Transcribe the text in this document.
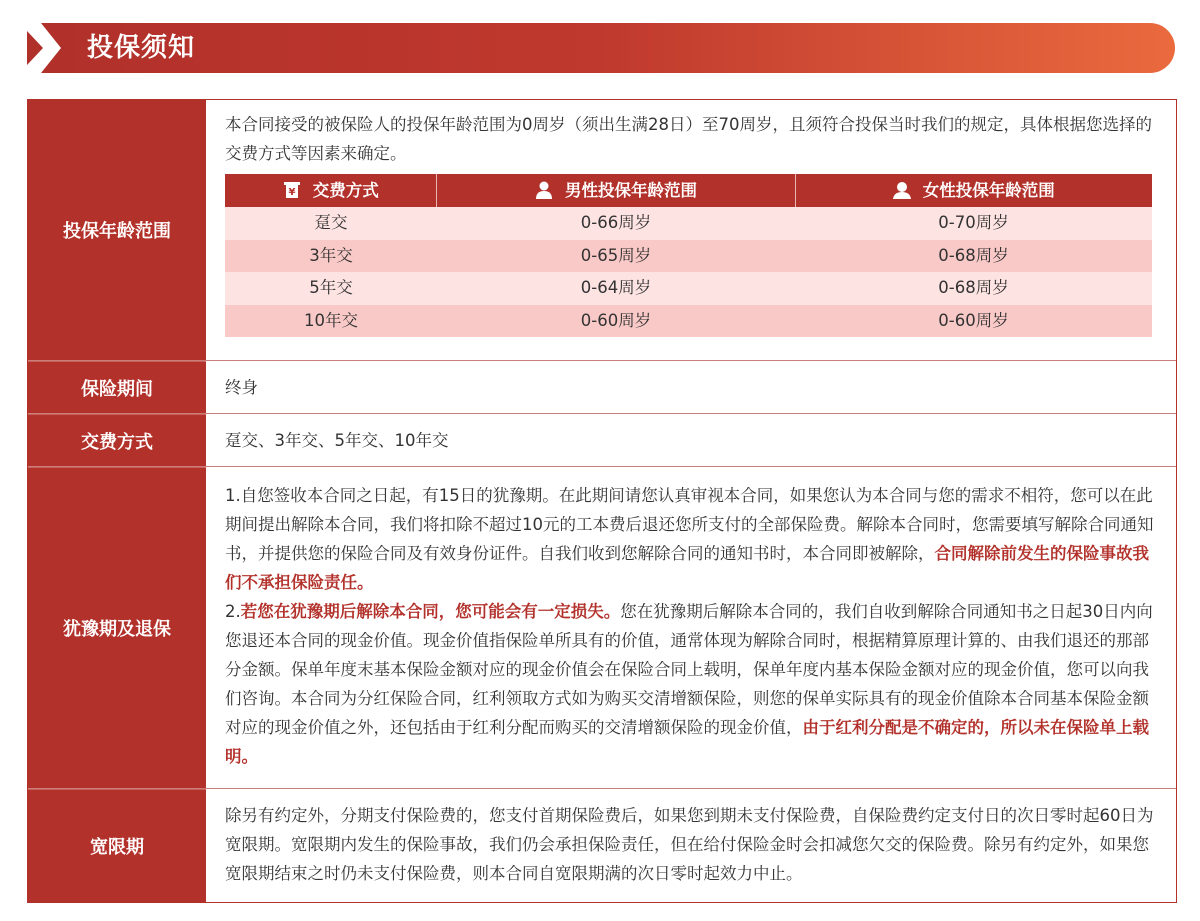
投保须知
投保年龄范围
本合同接受的被保险人的投保年龄范围为0周岁（须出生满28日）至70周岁，且须符合投保当时我们的规定，具体根据您选择的交费方式等因素来确定。
¥ 交费方式	男性投保年龄范围	女性投保年龄范围
趸交	0-66周岁	0-70周岁
3年交	0-65周岁	0-68周岁
5年交	0-64周岁	0-68周岁
10年交	0-60周岁	0-60周岁
保险期间	终身
交费方式	趸交、3年交、5年交、10年交
犹豫期及退保
1.自您签收本合同之日起，有15日的犹豫期。在此期间请您认真审视本合同，如果您认为本合同与您的需求不相符，您可以在此期间提出解除本合同，我们将扣除不超过10元的工本费后退还您所支付的全部保险费。解除本合同时，您需要填写解除合同通知书，并提供您的保险合同及有效身份证件。自我们收到您解除合同的通知书时，本合同即被解除，合同解除前发生的保险事故我们不承担保险责任。
2.若您在犹豫期后解除本合同，您可能会有一定损失。您在犹豫期后解除本合同的，我们自收到解除合同通知书之日起30日内向您退还本合同的现金价值。现金价值指保险单所具有的价值，通常体现为解除合同时，根据精算原理计算的、由我们退还的那部分金额。保单年度末基本保险金额对应的现金价值会在保险合同上载明，保单年度内基本保险金额对应的现金价值，您可以向我们咨询。本合同为分红保险合同，红利领取方式如为购买交清增额保险，则您的保单实际具有的现金价值除本合同基本保险金额对应的现金价值之外，还包括由于红利分配而购买的交清增额保险的现金价值，由于红利分配是不确定的，所以未在保险单上载明。
宽限期
除另有约定外，分期支付保险费的，您支付首期保险费后，如果您到期未支付保险费，自保险费约定支付日的次日零时起60日为宽限期。宽限期内发生的保险事故，我们仍会承担保险责任，但在给付保险金时会扣减您欠交的保险费。除另有约定外，如果您宽限期结束之时仍未支付保险费，则本合同自宽限期满的次日零时起效力中止。
